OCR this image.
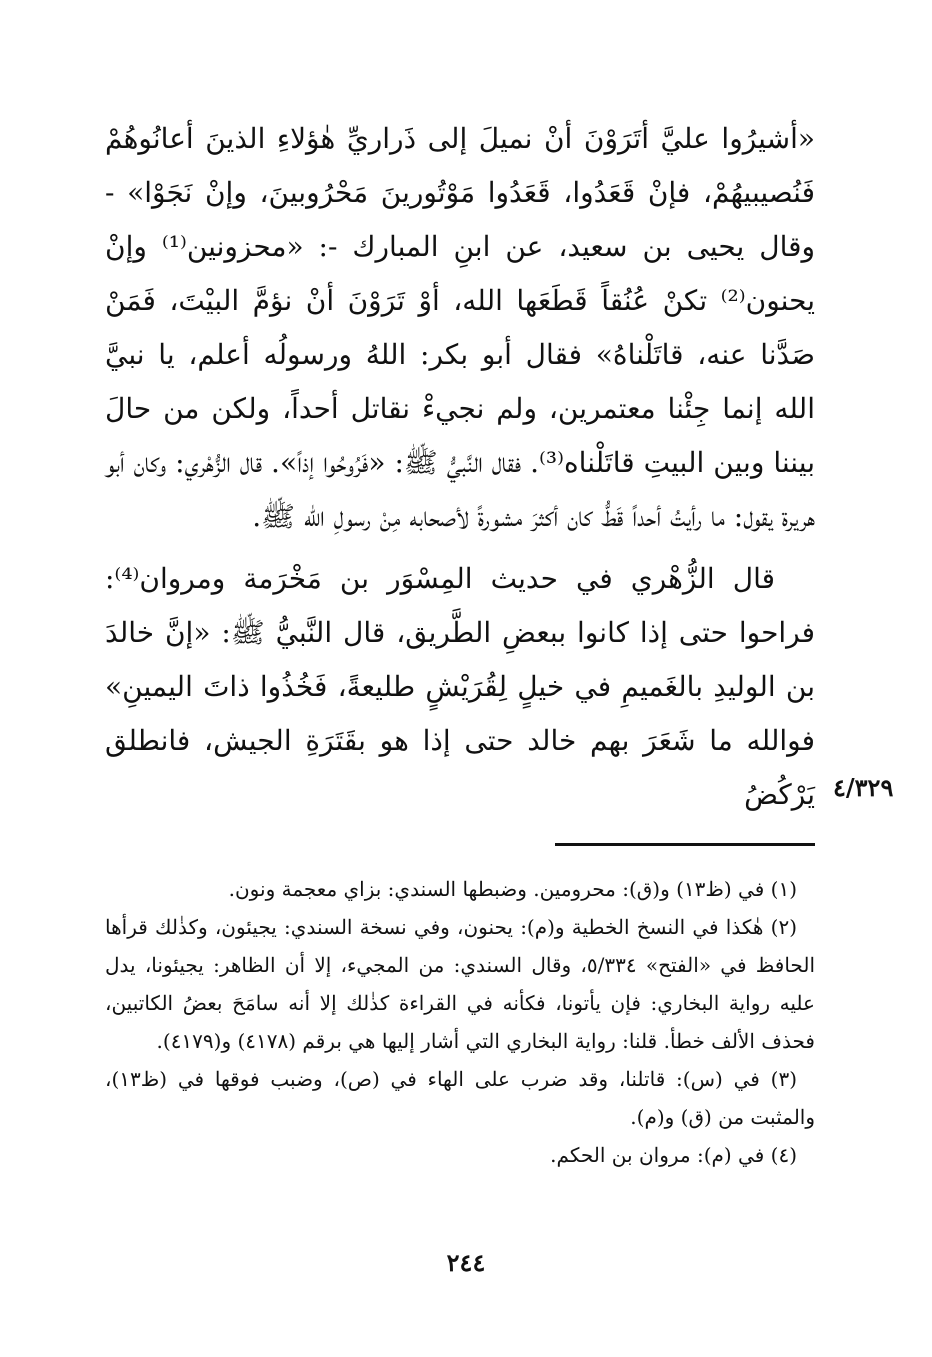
«أشيرُوا عليَّ أتَرَوْنَ أنْ نميلَ إلى ذَراريِّ هٰؤلاءِ الذينَ أعانُوهُمْ فَنُصيبيهُمْ، فإنْ قَعَدُوا، قَعَدُوا مَوْتُورينَ مَحْرُوبينَ، وإنْ نَجَوْا» - وقال يحيى بن سعيد، عن ابنِ المبارك -: «محزونين⁽¹⁾ وإنْ يحنون⁽²⁾ تكنْ عُنُقاً قَطَعَها الله، أوْ تَرَوْنَ أنْ نؤمَّ البيْتَ، فَمَنْ صَدَّنا عنه، قاتَلْناهُ» فقال أبو بكر: اللهُ ورسولُه أعلم، يا نبيَّ الله إنما جِئْنا معتمرين، ولم نجيءْ نقاتل أحداً، ولكن من حالَ بيننا وبين البيتِ قاتَلْناه⁽³⁾. فقال النَّبيُّ ﷺ: «فَرُوحُوا إذاً». قال الزُّهْري: وكان أبو هريرة يقول: ما رأيتُ أحداً قَطُّ كان أكثرَ مشورةً لأصحابه مِنْ رسولِ الله ﷺ.

قال الزُّهْري في حديث المِسْوَر بن مَخْرَمة ومروان⁽⁴⁾: فراحوا حتى إذا كانوا ببعضِ الطَّريق، قال النَّبيُّ ﷺ: «إنَّ خالدَ بن الوليدِ بالغَميمِ في خيلٍ لِقُرَيْشٍ طليعةً، فَخُذُوا ذاتَ اليمينِ» فوالله ما شَعَرَ بهم خالد حتى إذا هو بقَتَرَةِ الجيش، فانطلق يَرْكُضُ ٤/٣٢٩

(١) في (ظ١٣) و(ق): محرومين. وضبطها السندي: بزاي معجمة ونون.

(٢) هٰكذا في النسخ الخطية و(م): يحنون، وفي نسخة السندي: يجيئون، وكذٰلك قرأها الحافظ في «الفتح» ٥/٣٣٤، وقال السندي: من المجيء، إلا أن الظاهر: يجيئونا، يدل عليه رواية البخاري: فإن يأتونا، فكأنه في القراءة كذٰلك إلا أنه سامَحَ بعضُ الكاتبين، فحذف الألف خطأ. قلنا: رواية البخاري التي أشار إليها هي برقم (٤١٧٨) و(٤١٧٩).

(٣) في (س): قاتلنا، وقد ضرب على الهاء في (ص)، وضبب فوقها في (ظ١٣)، والمثبت من (ق) و(م).

(٤) في (م): مروان بن الحكم.

٢٤٤
